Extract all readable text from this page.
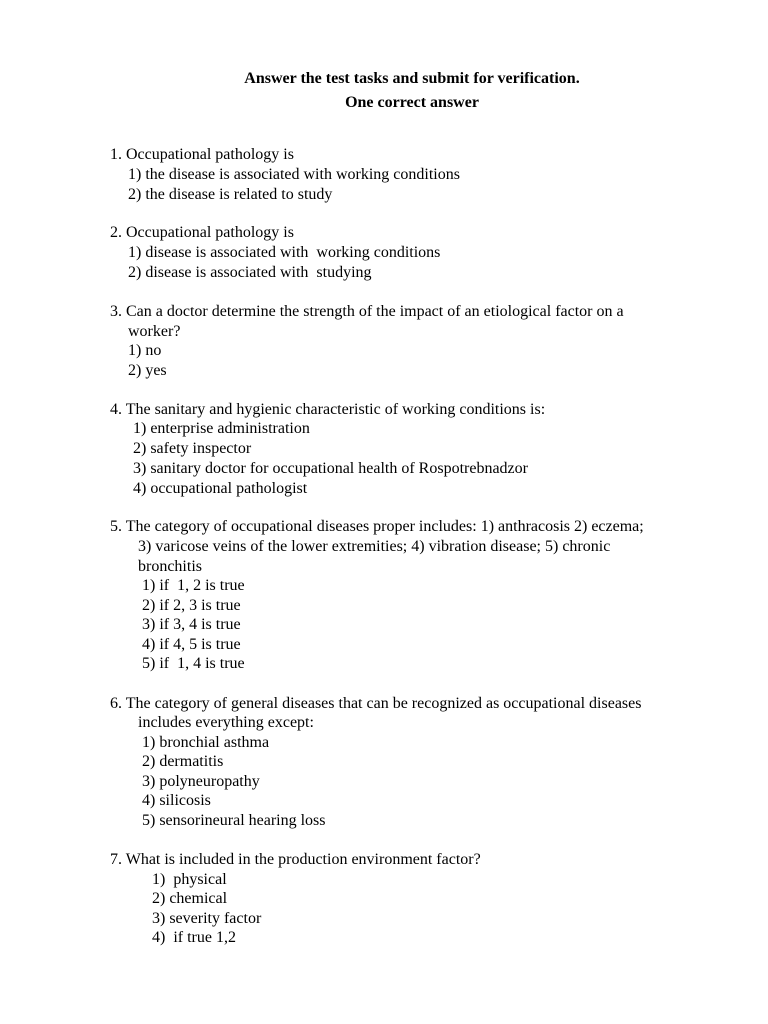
Answer the test tasks and submit for verification.
One correct answer
1. Occupational pathology is
1) the disease is associated with working conditions
2) the disease is related to study
2. Occupational pathology is
1) disease is associated with  working conditions
2) disease is associated with  studying
3. Can a doctor determine the strength of the impact of an etiological factor on a
worker?
1) no
2) yes
4. The sanitary and hygienic characteristic of working conditions is:
1) enterprise administration
2) safety inspector
3) sanitary doctor for occupational health of Rospotrebnadzor
4) occupational pathologist
5. The category of occupational diseases proper includes: 1) anthracosis 2) eczema;
3) varicose veins of the lower extremities; 4) vibration disease; 5) chronic
bronchitis
1) if  1, 2 is true
2) if 2, 3 is true
3) if 3, 4 is true
4) if 4, 5 is true
5) if  1, 4 is true
6. The category of general diseases that can be recognized as occupational diseases
includes everything except:
1) bronchial asthma
2) dermatitis
3) polyneuropathy
4) silicosis
5) sensorineural hearing loss
7. What is included in the production environment factor?
1)  physical
2) chemical
3) severity factor
4)  if true 1,2
